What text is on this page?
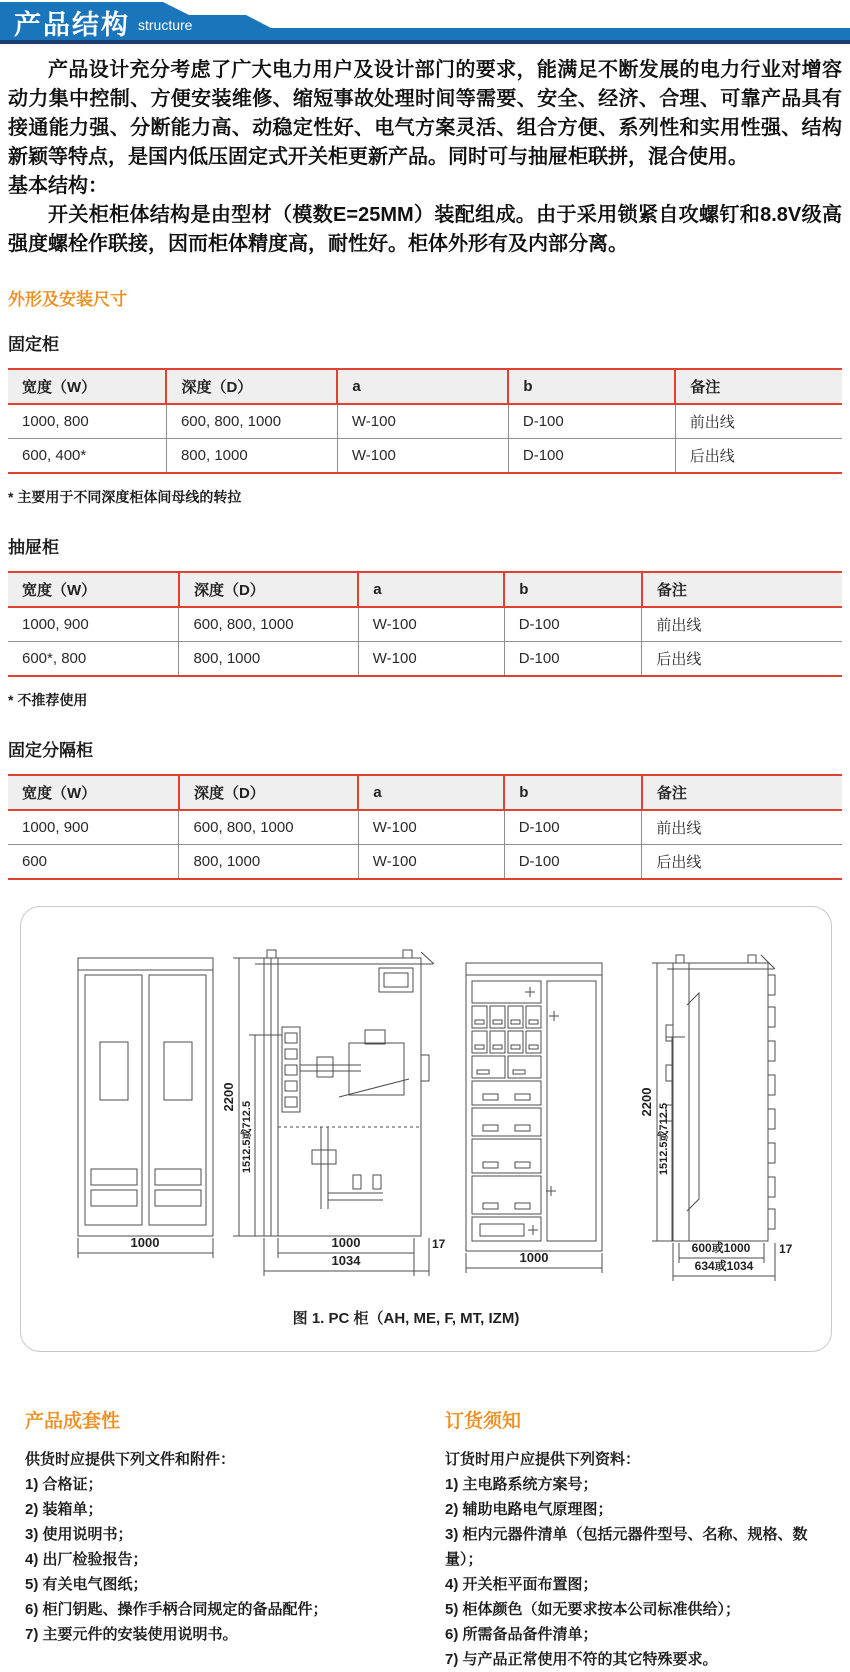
产品结构 structure

产品设计充分考虑了广大电力用户及设计部门的要求，能满足不断发展的电力行业对增容动力集中控制、方便安装维修、缩短事故处理时间等需要、安全、经济、合理、可靠产品具有接通能力强、分断能力高、动稳定性好、电气方案灵活、组合方便、系列性和实用性强、结构新颖等特点，是国内低压固定式开关柜更新产品。同时可与抽屉柜联拼，混合使用。

基本结构：

开关柜柜体结构是由型材（模数E=25MM）装配组成。由于采用锁紧自攻螺钉和8.8V级高强度螺栓作联接，因而柜体精度高，耐性好。柜体外形有及内部分离。

外形及安装尺寸
固定柜
宽度（W）	深度（D）	a	b	备注
1000, 800	600, 800, 1000	W-100	D-100	前出线
600, 400*	800, 1000	W-100	D-100	后出线

* 主要用于不同深度柜体间母线的转拉

抽屉柜
宽度（W）	深度（D）	a	b	备注
1000, 900	600, 800, 1000	W-100	D-100	前出线
600*, 800	800, 1000	W-100	D-100	后出线

* 不推荐使用

固定分隔柜
宽度（W）	深度（D）	a	b	备注
1000, 900	600, 800, 1000	W-100	D-100	前出线
600	800, 1000	W-100	D-100	后出线
1000
2200
1512.5或712.5
1000	17
1034	1000
2200
1512.5或712.5
600或1000 17
634或1034
图 1. PC 柜（AH, ME, F, MT, IZM)
产品成套性

供货时应提供下列文件和附件：

1) 合格证；
2) 装箱单；
3) 使用说明书；
4) 出厂检验报告；
5) 有关电气图纸；
6) 柜门钥匙、操作手柄合同规定的备品配件；
7) 主要元件的安装使用说明书。
订货须知

订货时用户应提供下列资料：

1) 主电路系统方案号；
2) 辅助电路电气原理图；
3) 柜内元器件清单（包括元器件型号、名称、规格、数量）；
4) 开关柜平面布置图；
5) 柜体颜色（如无要求按本公司标准供给）；
6) 所需备品备件清单；
7) 与产品正常使用不符的其它特殊要求。
